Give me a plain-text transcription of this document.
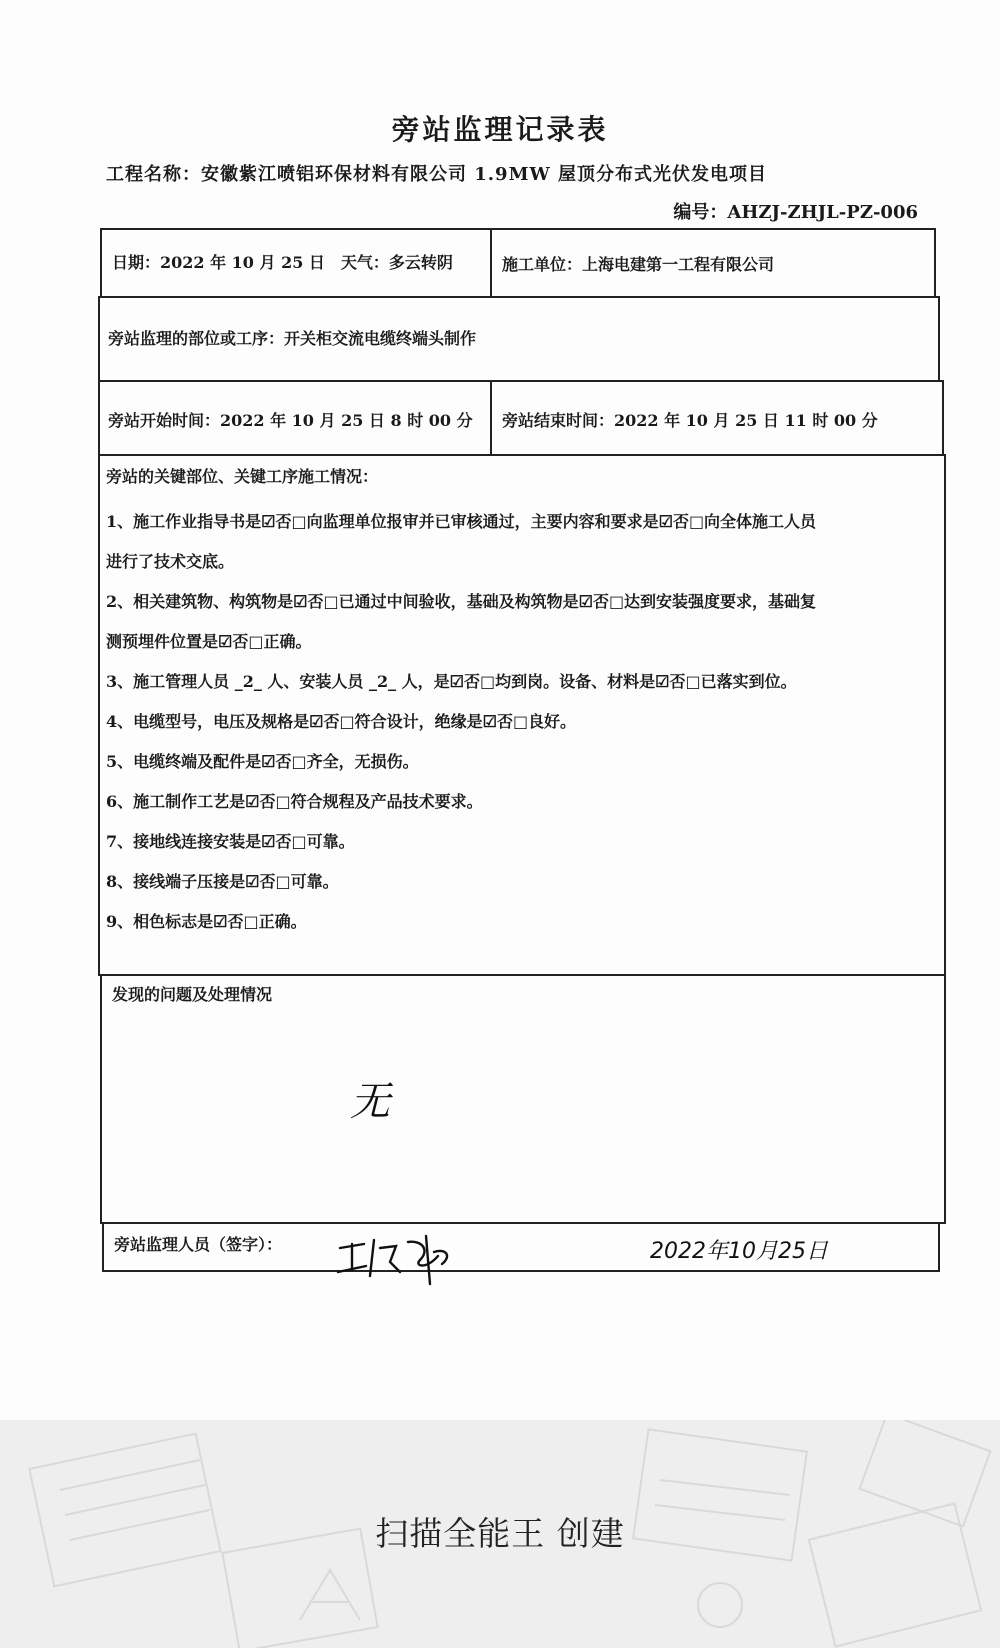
旁站监理记录表
工程名称：安徽紫江喷铝环保材料有限公司 1.9MW 屋顶分布式光伏发电项目
编号：AHZJ-ZHJL-PZ-006
日期：2022 年 10 月 25 日　天气：多云转阴	施工单位：上海电建第一工程有限公司
旁站监理的部位或工序：开关柜交流电缆终端头制作
旁站开始时间：2022 年 10 月 25 日 8 时 00 分 旁站结束时间：2022 年 10 月 25 日 11 时 00 分
旁站的关键部位、关键工序施工情况：
1、施工作业指导书是☑否□向监理单位报审并已审核通过，主要内容和要求是☑否□向全体施工人员
进行了技术交底。
2、相关建筑物、构筑物是☑否□已通过中间验收，基础及构筑物是☑否□达到安装强度要求，基础复
测预埋件位置是☑否□正确。
3、施工管理人员 _2_ 人、安装人员 _2_ 人，是☑否□均到岗。设备、材料是☑否□已落实到位。
4、电缆型号，电压及规格是☑否□符合设计，绝缘是☑否□良好。
5、电缆终端及配件是☑否□齐全，无损伤。
6、施工制作工艺是☑否□符合规程及产品技术要求。
7、接地线连接安装是☑否□可靠。
8、接线端子压接是☑否□可靠。
9、相色标志是☑否□正确。
发现的问题及处理情况
无
旁站监理人员（签字）：	2022年10月25日
扫描全能王 创建
